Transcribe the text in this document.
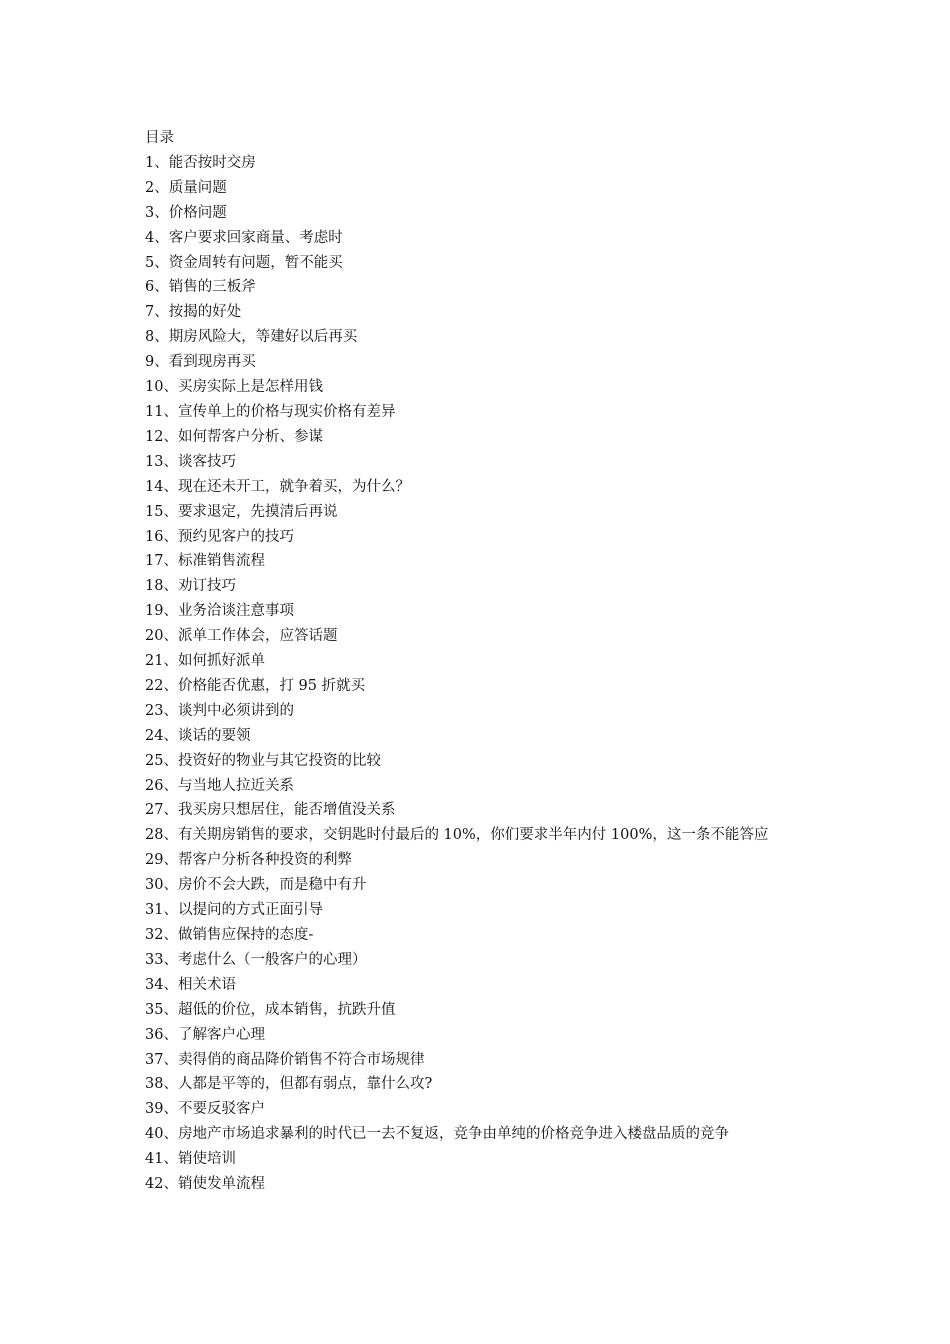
目录
1、能否按时交房
2、质量问题
3、价格问题
4、客户要求回家商量、考虑时
5、资金周转有问题，暂不能买
6、销售的三板斧
7、按揭的好处
8、期房风险大，等建好以后再买
9、看到现房再买
10、买房实际上是怎样用钱
11、宣传单上的价格与现实价格有差异
12、如何帮客户分析、参谋
13、谈客技巧
14、现在还未开工，就争着买，为什么？
15、要求退定，先摸清后再说
16、预约见客户的技巧
17、标准销售流程
18、劝订技巧
19、业务洽谈注意事项
20、派单工作体会，应答话题
21、如何抓好派单
22、价格能否优惠，打 95 折就买
23、谈判中必须讲到的
24、谈话的要领
25、投资好的物业与其它投资的比较
26、与当地人拉近关系
27、我买房只想居住，能否增值没关系
28、有关期房销售的要求，交钥匙时付最后的 10%，你们要求半年内付 100%，这一条不能答应
29、帮客户分析各种投资的利弊
30、房价不会大跌，而是稳中有升
31、以提问的方式正面引导
32、做销售应保持的态度-
33、考虑什么（一般客户的心理）
34、相关术语
35、超低的价位，成本销售，抗跌升值
36、了解客户心理
37、卖得俏的商品降价销售不符合市场规律
38、人都是平等的，但都有弱点，靠什么攻?
39、不要反驳客户
40、房地产市场追求暴利的时代已一去不复返，竞争由单纯的价格竞争进入楼盘品质的竞争
41、销使培训
42、销使发单流程
